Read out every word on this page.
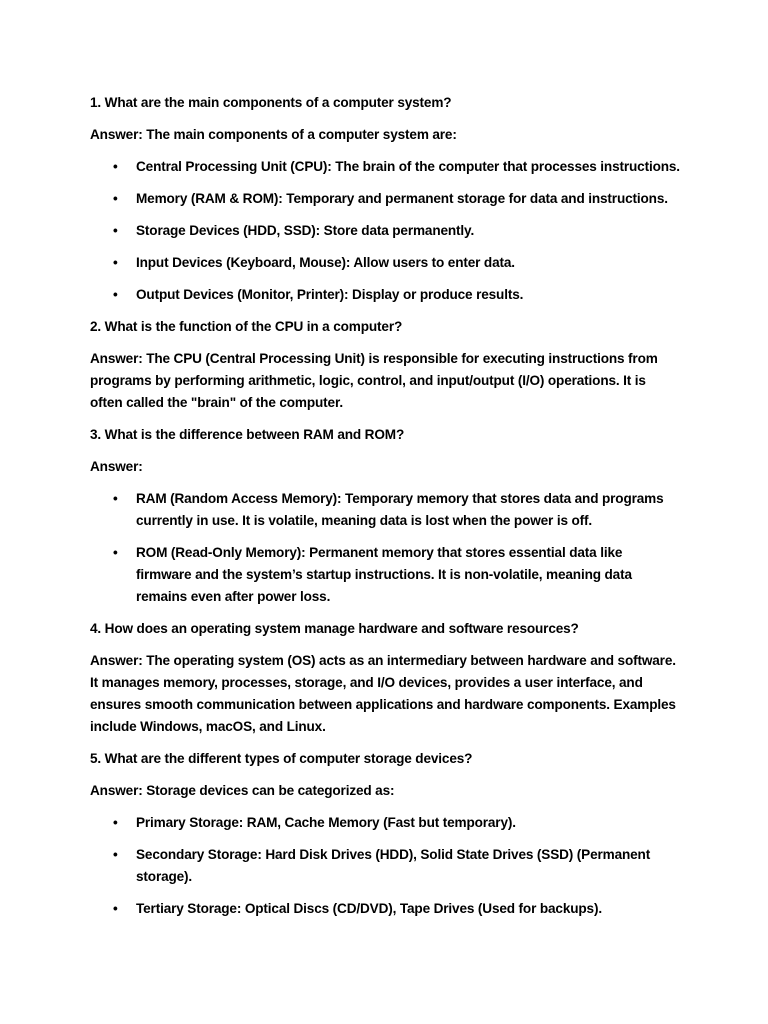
1. What are the main components of a computer system?

Answer: The main components of a computer system are:

• Central Processing Unit (CPU): The brain of the computer that processes instructions.
• Memory (RAM & ROM): Temporary and permanent storage for data and instructions.
• Storage Devices (HDD, SSD): Store data permanently.
• Input Devices (Keyboard, Mouse): Allow users to enter data.
• Output Devices (Monitor, Printer): Display or produce results.

2. What is the function of the CPU in a computer?

Answer: The CPU (Central Processing Unit) is responsible for executing instructions from programs by performing arithmetic, logic, control, and input/output (I/O) operations. It is often called the "brain" of the computer.

3. What is the difference between RAM and ROM?

Answer:

• RAM (Random Access Memory): Temporary memory that stores data and programs currently in use. It is volatile, meaning data is lost when the power is off.
• ROM (Read-Only Memory): Permanent memory that stores essential data like firmware and the system’s startup instructions. It is non-volatile, meaning data remains even after power loss.

4. How does an operating system manage hardware and software resources?

Answer: The operating system (OS) acts as an intermediary between hardware and software. It manages memory, processes, storage, and I/O devices, provides a user interface, and ensures smooth communication between applications and hardware components. Examples include Windows, macOS, and Linux.

5. What are the different types of computer storage devices?

Answer: Storage devices can be categorized as:

• Primary Storage: RAM, Cache Memory (Fast but temporary).
• Secondary Storage: Hard Disk Drives (HDD), Solid State Drives (SSD) (Permanent storage).
• Tertiary Storage: Optical Discs (CD/DVD), Tape Drives (Used for backups).
